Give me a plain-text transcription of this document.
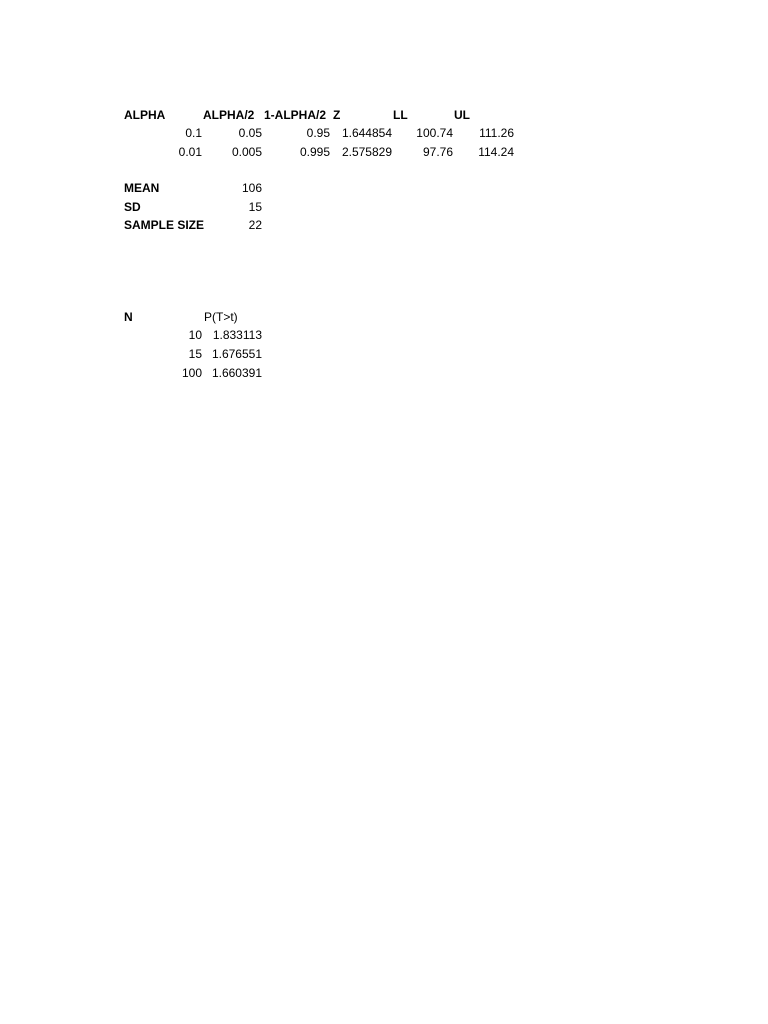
ALPHA	ALPHA/2 1-ALPHA/2 Z	LL	UL
0.1	0.05	0.95 1.644854	100.74	111.26
0.01	0.005	0.995 2.575829	97.76	114.24
MEAN	106
SD	15
SAMPLE SIZE	22
N	P(T>t)
10 1.833113
15 1.676551
100 1.660391
